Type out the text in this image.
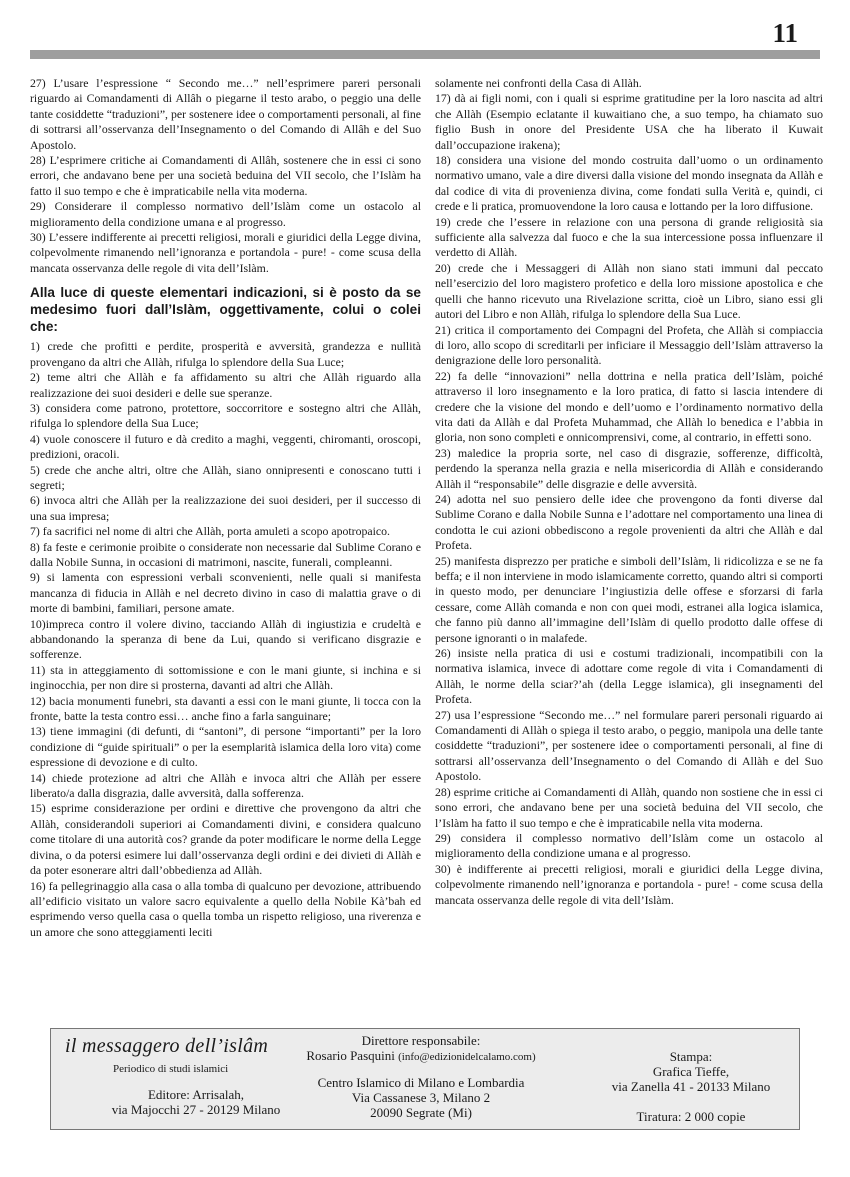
11

27) L’usare l’espressione “ Secondo me…” nell’esprimere pareri personali riguardo ai Comandamenti di Allâh o piegarne il testo arabo, o peggio una delle tante cosiddette “traduzioni”, per sostenere idee o comportamenti personali, al fine di sottrarsi all’osservanza dell’Insegnamento o del Comando di Allâh e del Suo Apostolo.

28) L’esprimere critiche ai Comandamenti di Allâh, sostenere che in essi ci sono errori, che andavano bene per una società beduina del VII secolo, che l’Islàm ha fatto il suo tempo e che è impraticabile nella vita moderna.

29) Considerare il complesso normativo dell’Islàm come un ostacolo al miglioramento della condizione umana e al progresso.

30) L’essere indifferente ai precetti religiosi, morali e giuridici della Legge divina, colpevolmente rimanendo nell’ignoranza e portandola - pure! - come scusa della mancata osservanza delle regole di vita dell’Islàm.

Alla luce di queste elementari indicazioni, si è posto da se medesimo fuori dall’Islàm, oggettivamente, colui o colei che:

1) crede che profitti e perdite, prosperità e avversità, grandezza e nullità provengano da altri che Allàh, rifulga lo splendore della Sua Luce;

2) teme altri che Allàh e fa affidamento su altri che Allàh riguardo alla realizzazione dei suoi desideri e delle sue speranze.

3) considera come patrono, protettore, soccorritore e sostegno altri che Allàh, rifulga lo splendore della Sua Luce;

4) vuole conoscere il futuro e dà credito a maghi, veggenti, chiromanti, oroscopi, predizioni, oracoli.

5) crede che anche altri, oltre che Allàh, siano onnipresenti e conoscano tutti i segreti;

6) invoca altri che Allàh per la realizzazione dei suoi desideri, per il successo di una sua impresa;

7) fa sacrifici nel nome di altri che Allàh, porta amuleti a scopo apotropaico.

8) fa feste e cerimonie proibite o considerate non necessarie dal Sublime Corano e dalla Nobile Sunna, in occasioni di matrimoni, nascite, funerali, compleanni.

9) si lamenta con espressioni verbali sconvenienti, nelle quali si manifesta mancanza di fiducia in Allàh e nel decreto divino in caso di malattia grave o di morte di bambini, familiari, persone amate.

10)impreca contro il volere divino, tacciando Allàh di ingiustizia e crudeltà e abbandonando la speranza di bene da Lui, quando si verificano disgrazie e sofferenze.

11) sta in atteggiamento di sottomissione e con le mani giunte, si inchina e si inginocchia, per non dire si prosterna, davanti ad altri che Allàh.

12) bacia monumenti funebri, sta davanti a essi con le mani giunte, li tocca con la fronte, batte la testa contro essi… anche fino a farla sanguinare;

13) tiene immagini (di defunti, di “santoni”, di persone “importanti” per la loro condizione di “guide spirituali” o per la esemplarità islamica della loro vita) come espressione di devozione e di culto.

14) chiede protezione ad altri che Allàh e invoca altri che Allàh per essere liberato/a dalla disgrazia, dalle avversità, dalla sofferenza.

15) esprime considerazione per ordini e direttive che provengono da altri che Allàh, considerandoli superiori ai Comandamenti divini, e considera qualcuno come titolare di una autorità cos? grande da poter modificare le norme della Legge divina, o da potersi esimere lui dall’osservanza degli ordini e dei divieti di Allàh e da poter esonerare altri dall’obbedienza ad Allàh.

16) fa pellegrinaggio alla casa o alla tomba di qualcuno per devozione, attribuendo all’edificio visitato un valore sacro equivalente a quello della Nobile Kà’bah ed esprimendo verso quella casa o quella tomba un rispetto religioso, una riverenza e un amore che sono atteggiamenti leciti

solamente nei confronti della Casa di Allàh.

17) dà ai figli nomi, con i quali si esprime gratitudine per la loro nascita ad altri che Allàh (Esempio eclatante il kuwaitiano che, a suo tempo, ha chiamato suo figlio Bush in onore del Presidente USA che ha liberato il Kuwait dall’occupazione irakena);

18) considera una visione del mondo costruita dall’uomo o un ordinamento normativo umano, vale a dire diversi dalla visione del mondo insegnata da Allàh e dal codice di vita di provenienza divina, come fondati sulla Verità e, quindi, ci crede e li pratica, promuovendone la loro causa e lottando per la loro diffusione.

19) crede che l’essere in relazione con una persona di grande religiosità sia sufficiente alla salvezza dal fuoco e che la sua intercessione possa influenzare il verdetto di Allàh.

20) crede che i Messaggeri di Allàh non siano stati immuni dal peccato nell’esercizio del loro magistero profetico e della loro missione apostolica e che quelli che hanno ricevuto una Rivelazione scritta, cioè un Libro, siano essi gli autori del Libro e non Allàh, rifulga lo splendore della Sua Luce.

21) critica il comportamento dei Compagni del Profeta, che Allàh si compiaccia di loro, allo scopo di screditarli per inficiare il Messaggio dell’Islàm attraverso la denigrazione delle loro personalità.

22) fa delle “innovazioni” nella dottrina e nella pratica dell’Islàm, poiché attraverso il loro insegnamento e la loro pratica, di fatto si lascia intendere di credere che la visione del mondo e dell’uomo e l’ordinamento normativo della vita dati da Allàh e dal Profeta Muhammad, che Allàh lo benedica e l’abbia in gloria, non sono completi e onnicomprensivi, come, al contrario, in effetti sono.

23) maledice la propria sorte, nel caso di disgrazie, sofferenze, difficoltà, perdendo la speranza nella grazia e nella misericordia di Allàh e considerando Allàh il “responsabile” delle disgrazie e delle avversità.

24) adotta nel suo pensiero delle idee che provengono da fonti diverse dal Sublime Corano e dalla Nobile Sunna e l’adottare nel comportamento una linea di condotta le cui azioni obbediscono a regole provenienti da altri che Allàh e dal Profeta.

25) manifesta disprezzo per pratiche e simboli dell’Islàm, li ridicolizza e se ne fa beffa; e il non interviene in modo islamicamente corretto, quando altri si comporti in questo modo, per denunciare l’ingiustizia delle offese e sforzarsi di farla cessare, come Allàh comanda e non con quei modi, estranei alla logica islamica, che fanno più danno all’immagine dell’Islàm di quello prodotto dalle offese di persone ignoranti o in malafede.

26) insiste nella pratica di usi e costumi tradizionali, incompatibili con la normativa islamica, invece di adottare come regole di vita i Comandamenti di Allàh, le norme della sciar?’ah (della Legge islamica), gli insegnamenti del Profeta.

27) usa l’espressione “Secondo me…” nel formulare pareri personali riguardo ai Comandamenti di Allàh o spiega il testo arabo, o peggio, manipola una delle tante cosiddette “traduzioni”, per sostenere idee o comportamenti personali, al fine di sottrarsi all’osservanza dell’Insegnamento o del Comando di Allàh e del Suo Apostolo.

28) esprime critiche ai Comandamenti di Allàh, quando non sostiene che in essi ci sono errori, che andavano bene per una società beduina del VII secolo, che l’Islàm ha fatto il suo tempo e che è impraticabile nella vita moderna.

29) considera il complesso normativo dell’Islàm come un ostacolo al miglioramento della condizione umana e al progresso.

30) è indifferente ai precetti religiosi, morali e giuridici della Legge divina, colpevolmente rimanendo nell’ignoranza e portandola - pure! - come scusa della mancata osservanza delle regole di vita dell’Islàm.

il messaggero dell’islâm
Periodico di studi islamici
Editore: Arrisalah,
via Majocchi 27 - 20129 Milano
Direttore responsabile:
Rosario Pasquini (info@edizionidelcalamo.com)
Centro Islamico di Milano e Lombardia
Via Cassanese 3, Milano 2
20090 Segrate (Mi)
Stampa:
Grafica Tieffe,
via Zanella 41 - 20133 Milano
Tiratura: 2 000 copie
